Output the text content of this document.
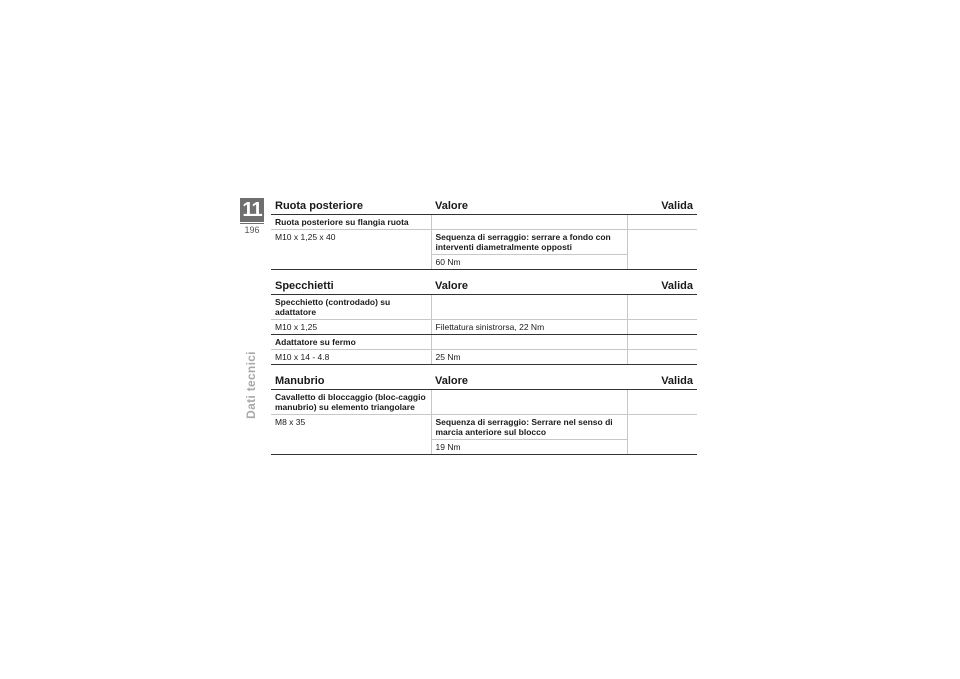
11
196
Dati tecnici
Ruota posteriore	Valore	Valida
Ruota posteriore su flangia ruota		
M10 x 1,25 x 40	Sequenza di serraggio: serrare a fondo con interventi diametralmente opposti	
	60 Nm	
Specchietti	Valore	Valida
Specchietto (controdado) su adattatore		
M10 x 1,25	Filettatura sinistrorsa, 22 Nm	
Adattatore su fermo		
M10 x 14 - 4.8	25 Nm	
Manubrio	Valore	Valida
Cavalletto di bloccaggio (bloc-caggio manubrio) su elemento triangolare		
M8 x 35	Sequenza di serraggio: Serrare nel senso di marcia anteriore sul blocco	
	19 Nm	
